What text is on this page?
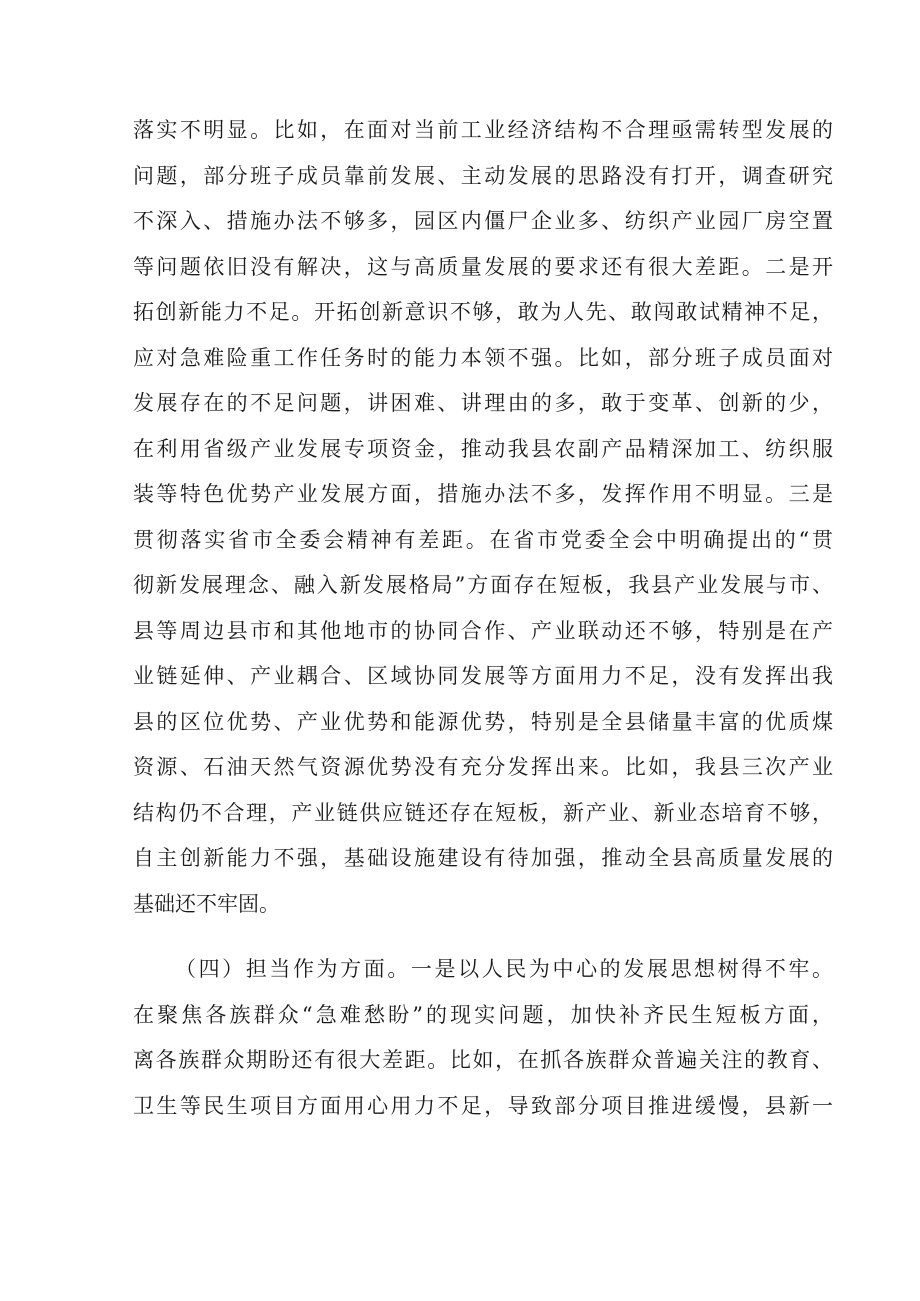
落实不明显。比如，在面对当前工业经济结构不合理亟需转型发展的
问题，部分班子成员靠前发展、主动发展的思路没有打开，调查研究
不深入、措施办法不够多，园区内僵尸企业多、纺织产业园厂房空置
等问题依旧没有解决，这与高质量发展的要求还有很大差距。二是开
拓创新能力不足。开拓创新意识不够，敢为人先、敢闯敢试精神不足，
应对急难险重工作任务时的能力本领不强。比如，部分班子成员面对
发展存在的不足问题，讲困难、讲理由的多，敢于变革、创新的少，
在利用省级产业发展专项资金，推动我县农副产品精深加工、纺织服
装等特色优势产业发展方面，措施办法不多，发挥作用不明显。三是
贯彻落实省市全委会精神有差距。在省市党委全会中明确提出的“贯
彻新发展理念、融入新发展格局”方面存在短板，我县产业发展与市、
县等周边县市和其他地市的协同合作、产业联动还不够，特别是在产
业链延伸、产业耦合、区域协同发展等方面用力不足，没有发挥出我
县的区位优势、产业优势和能源优势，特别是全县储量丰富的优质煤
资源、石油天然气资源优势没有充分发挥出来。比如，我县三次产业
结构仍不合理，产业链供应链还存在短板，新产业、新业态培育不够，
自主创新能力不强，基础设施建设有待加强，推动全县高质量发展的
基础还不牢固。
（四）担当作为方面。一是以人民为中心的发展思想树得不牢。
在聚焦各族群众“急难愁盼”的现实问题，加快补齐民生短板方面，
离各族群众期盼还有很大差距。比如，在抓各族群众普遍关注的教育、
卫生等民生项目方面用心用力不足，导致部分项目推进缓慢，县新一
